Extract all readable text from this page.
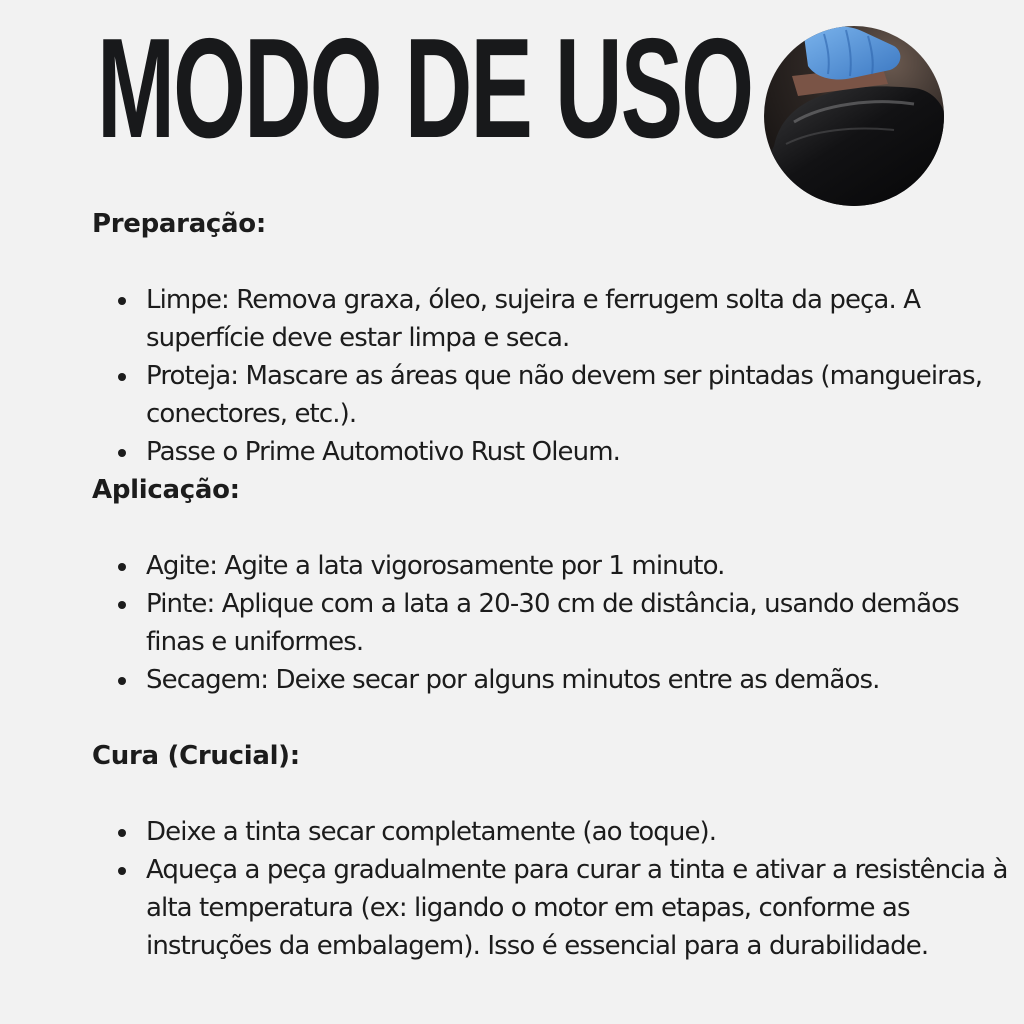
MODO DE USO
Preparação:
Limpe: Remova graxa, óleo, sujeira e ferrugem solta da peça. A superfície deve estar limpa e seca.
Proteja: Mascare as áreas que não devem ser pintadas (mangueiras, conectores, etc.).
Passe o Prime Automotivo Rust Oleum.
Aplicação:
Agite: Agite a lata vigorosamente por 1 minuto.
Pinte: Aplique com a lata a 20-30 cm de distância, usando demãos finas e uniformes.
Secagem: Deixe secar por alguns minutos entre as demãos.
Cura (Crucial):
Deixe a tinta secar completamente (ao toque).
Aqueça a peça gradualmente para curar a tinta e ativar a resistência à alta temperatura (ex: ligando o motor em etapas, conforme as instruções da embalagem). Isso é essencial para a durabilidade.
